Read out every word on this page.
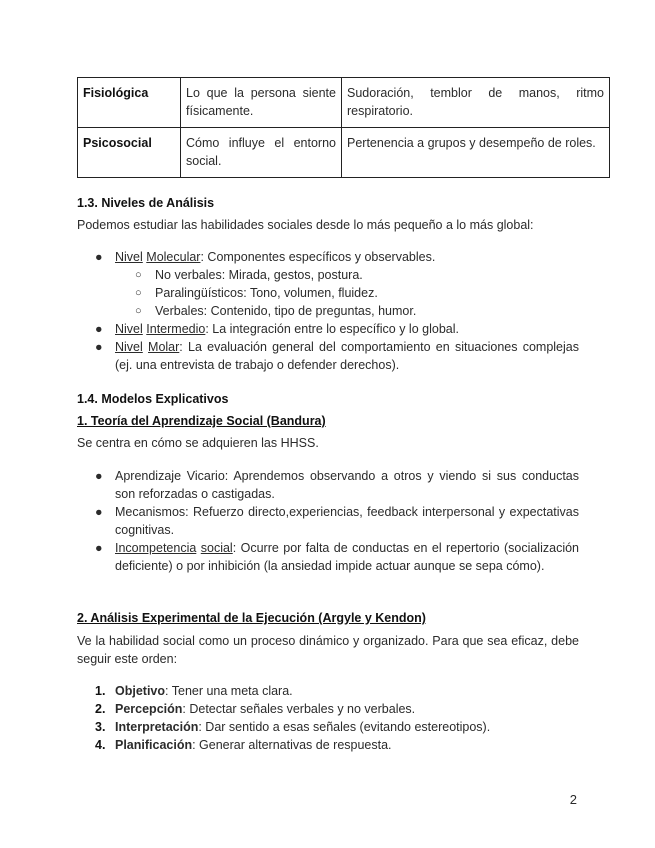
Fisiológica	Lo que la persona siente físicamente.	Sudoración, temblor de manos, ritmo respiratorio.
Psicosocial	Cómo influye el entorno social.	Pertenencia a grupos y desempeño de roles.
1.3. Niveles de Análisis
Podemos estudiar las habilidades sociales desde lo más pequeño a lo más global:
● Nivel Molecular: Componentes específicos y observables.
○ No verbales: Mirada, gestos, postura.
○ Paralingüísticos: Tono, volumen, fluidez.
○ Verbales: Contenido, tipo de preguntas, humor.
● Nivel Intermedio: La integración entre lo específico y lo global.
● Nivel Molar: La evaluación general del comportamiento en situaciones complejas (ej. una entrevista de trabajo o defender derechos).
1.4. Modelos Explicativos
1. Teoría del Aprendizaje Social (Bandura)
Se centra en cómo se adquieren las HHSS.
● Aprendizaje Vicario: Aprendemos observando a otros y viendo si sus conductas son reforzadas o castigadas.
● Mecanismos: Refuerzo directo,experiencias, feedback interpersonal y expectativas cognitivas.
● Incompetencia social: Ocurre por falta de conductas en el repertorio (socialización deficiente) o por inhibición (la ansiedad impide actuar aunque se sepa cómo).
2. Análisis Experimental de la Ejecución (Argyle y Kendon)
Ve la habilidad social como un proceso dinámico y organizado. Para que sea eficaz, debe seguir este orden:
1. Objetivo: Tener una meta clara.
2. Percepción: Detectar señales verbales y no verbales.
3. Interpretación: Dar sentido a esas señales (evitando estereotipos).
4. Planificación: Generar alternativas de respuesta.
2
